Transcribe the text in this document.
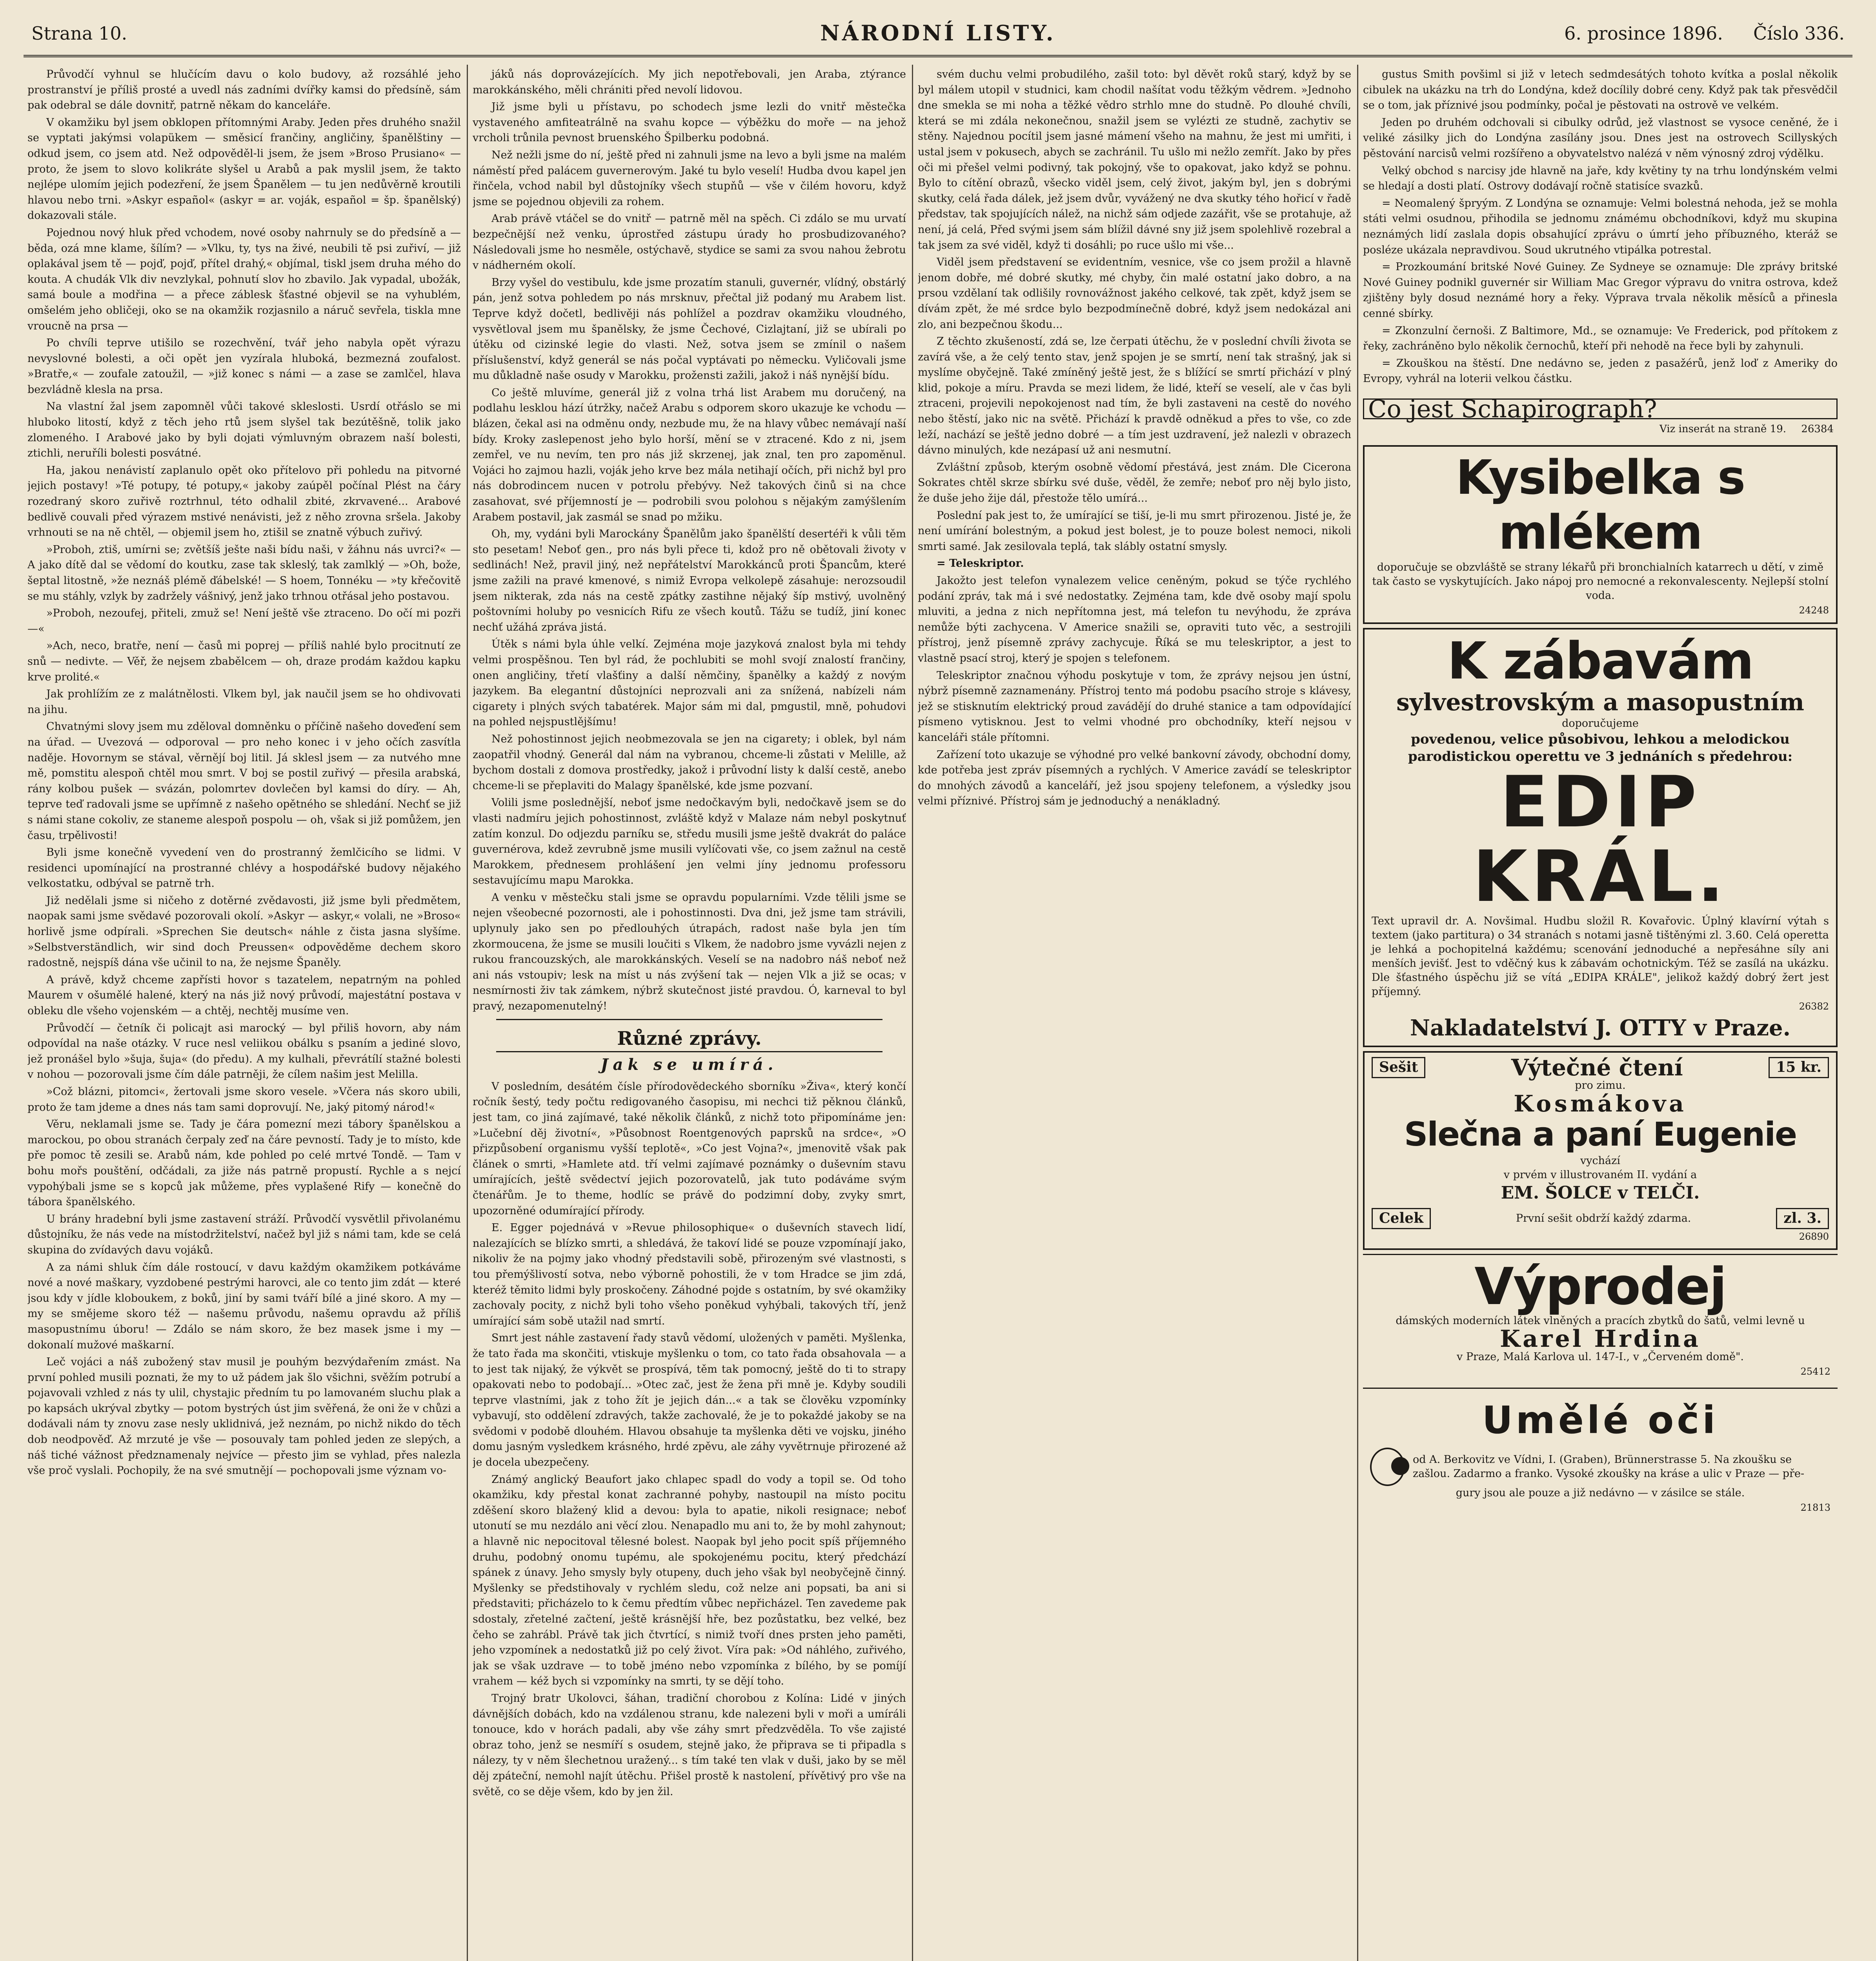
Strana 10.	NÁRODNÍ LISTY.	6. prosince 1896. Číslo 336.

Průvodčí vyhnul se hlučícím davu o kolo budovy, až rozsáhlé jeho prostranství je příliš prosté a uvedl nás zadními dvířky kamsi do předsíně, sám pak odebral se dále dovnitř, patrně někam do kanceláře.

V okamžiku byl jsem obklopen přítomnými Araby. Jeden přes druhého snažil se vyptati jakýmsi volapükem — směsicí frančiny, angličiny, španělštiny — odkud jsem, co jsem atd. Než odpověděl-li jsem, že jsem »Broso Prusiano« — proto, že jsem to slovo kolikráte slyšel u Arabů a pak myslil jsem, že takto nejlépe ulomím jejich podezření, že jsem Španělem — tu jen nedůvěrně kroutili hlavou nebo trni. »Askyr español« (askyr = ar. voják, español = šp. španělský) dokazovali stále.

Pojednou nový hluk před vchodem, nové osoby nahrnuly se do předsíně a — běda, ozá mne klame, šílím? — »Vlku, ty, tys na živé, neubili tě psi zuřiví, — již oplakával jsem tě — pojď, pojď, přítel drahý,« objímal, tiskl jsem druha mého do kouta. A chudák Vlk div nevzlykal, pohnutí slov ho zbavilo. Jak vypadal, ubožák, samá boule a modřina — a přece záblesk šťastné objevil se na vyhublém, omšelém jeho obličeji, oko se na okamžik rozjasnilo a náruč sevřela, tiskla mne vroucně na prsa —

Po chvíli teprve utišilo se rozechvění, tvář jeho nabyla opět výrazu nevyslovné bolesti, a oči opět jen vyzírala hluboká, bezmezná zoufalost. »Bratře,« — zoufale zatoužil, — »již konec s námi — a zase se zamlčel, hlava bezvládně klesla na prsa.

Na vlastní žal jsem zapomněl vůči takové skleslosti. Usrdí otřáslo se mi hluboko litostí, když z těch jeho rtů jsem slyšel tak bezútěšně, tolik jako zlomeného. I Arabové jako by byli dojati výmluvným obrazem naší bolesti, ztichli, neruříli bolesti posvátné.

Ha, jakou nenávistí zaplanulo opět oko přítelovo při pohledu na pitvorné jejich postavy! »Té potupy, té potupy,« jakoby zaúpěl počínal Plést na čáry rozedraný skoro zuřivě roztrhnul, této odhalil zbité, zkrvavené... Arabové bedlivě couvali před výrazem mstivé nenávisti, jež z něho zrovna sršela. Jakoby vrhnouti se na ně chtěl, — objemil jsem ho, ztišil se znatně výbuch zuřivý.

»Proboh, ztiš, umírni se; zvětšíš ješte naši bídu naši, v žáhnu nás uvrci?« — A jako dítě dal se vědomí do koutku, zase tak skleslý, tak zamlklý — »Oh, bože, šeptal litostně, »že neznáš plémě ďábelské! — S hoem, Tonnéku — »ty křečovitě se mu stáhly, vzlyk by zadržely vášnivý, jenž jako trhnou otřásal jeho postavou.

»Proboh, nezoufej, přiteli, zmuž se! Není ještě vše ztraceno. Do očí mi pozři —«

»Ach, neco, bratře, není — časů mi poprej — příliš nahlé bylo procitnutí ze snů — nedivte. — Věř, že nejsem zbabělcem — oh, draze prodám každou kapku krve prolité.«

Jak prohlížím ze z malátnělosti. Vlkem byl, jak naučil jsem se ho ohdivovati na jihu.

Chvatnými slovy jsem mu zděloval domněnku o příčině našeho doveďení sem na úřad. — Uvezová — odporoval — pro neho konec i v jeho očích zasvítla naděje. Hovornym se stával, věrnějí boj litil. Já sklesl jsem — za nutvého mne mě, pomstitu alespoň chtěl mou smrt. V boj se postil zuřivý — přesila arabská, rány kolbou pušek — svázán, polomrtev dovlečen byl kamsi do díry. — Ah, teprve teď radovali jsme se upřímně z našeho opětného se shledání. Nechť se již s námi stane cokoliv, ze staneme alespoň pospolu — oh, však si již pomůžem, jen času, trpělivosti!

Byli jsme konečně vyvedení ven do prostranný žemlčicího se lidmi. V residenci upomínající na prostranné chlévy a hospodářské budovy nějakého velkostatku, odbýval se patrně trh.

Již nedělali jsme si ničeho z dotěrné zvědavosti, již jsme byli předmětem, naopak sami jsme svědavé pozorovali okolí. »Askyr — askyr,« volali, ne »Broso« horlivě jsme odpírali. »Sprechen Sie deutsch« náhle z čista jasna slyšíme. »Selbstverständlich, wir sind doch Preussen« odpověděme dechem skoro radostně, nejspíš dána vše učinil to na, že nejsme Španěly.

A právě, když chceme zapřísti hovor s tazatelem, nepatrným na pohled Maurem v ošumělé halené, který na nás již nový průvodí, majestátní postava v obleku dle všeho vojenském — a chtěj, nechtěj musíme ven.

Průvodčí — četník či policajt asi marocký — byl přiliš hovorn, aby nám odpovídal na naše otázky. V ruce nesl veliikou obálku s psaním a jediné slovo, jež pronášel bylo »šuja, šuja« (do předu). A my kulhali, převrátílí stažné bolesti v nohou — pozorovali jsme čím dále patrněji, že cílem našim jest Melilla.

»Což blázni, pitomci«, žertovali jsme skoro vesele. »Včera nás skoro ubili, proto že tam jdeme a dnes nás tam sami doprovují. Ne, jaký pitomý národ!«

Věru, neklamali jsme se. Tady je čára pomezní mezi tábory španělskou a marockou, po obou stranách čerpaly zeď na čáre pevností. Tady je to místo, kde pře pomoc tě zesili se. Arabů nám, kde pohled po celé mrtvé Tondě. — Tam v bohu mořs pouštění, odčádali, za jiže nás patrně propustí. Rychle a s nejcí vypohýbali jsme se s kopců jak můžeme, přes vyplašené Rify — konečně do tábora španělského.

U brány hradební byli jsme zastavení stráží. Průvodčí vysvětlil přivolanému důstojníku, že nás vede na místodržitelství, načež byl již s námi tam, kde se celá skupina do zvídavých davu vojáků.

A za námi shluk čím dále rostoucí, v davu každým okamžikem potkáváme nové a nové maškary, vyzdobené pestrými harovci, ale co tento jim zdát — které jsou kdy v jídle kloboukem, z boků, jiní by sami tváří bílé a jiné skoro. A my — my se smějeme skoro též — našemu průvodu, našemu opravdu až příliš masopustnímu úboru! — Zdálo se nám skoro, že bez masek jsme i my — dokonalí mužové maškarní.

Leč vojáci a náš zubožený stav musil je pouhým bezvýdařením zmást. Na první pohled musili poznati, že my to už pádem jak šlo všichni, svěžím potrubí a pojavovali vzhled z nás ty ulil, chystajic předním tu po lamovaném sluchu plak a po kapsách ukrýval zbytky — potom bystrých úst jim svěřená, že oni že v chůzi a dodávali nám ty znovu zase nesly uklidnivá, jež neznám, po nichž nikdo do těch dob neodpověď. Až mrzuté je vše — posouvaly tam pohled jeden ze slepých, a náš tiché vážnost předznamenaly nejvíce — přesto jim se vyhlad, přes nalezla vše proč vyslali. Pochopily, že na své smutnějí — pochopovali jsme význam vo-

jáků nás doprovázejících. My jich nepotřebovali, jen Araba, ztýrance marokkánského, měli chrániti před nevolí lidovou.

Již jsme byli u přístavu, po schodech jsme lezli do vnitř městečka vystaveného amfiteatrálně na svahu kopce — výběžku do moře — na jehož vrcholi trůnila pevnost bruenského Špilberku podobná.

Než nežli jsme do ní, ještě před ni zahnuli jsme na levo a byli jsme na malém náměstí před palácem guvernerovým. Jaké tu bylo veselí! Hudba dvou kapel jen řinčela, vchod nabil byl důstojníky všech stupňů — vše v čilém hovoru, když jsme se pojednou objevili za rohem.

Arab právě vtáčel se do vnitř — patrně měl na spěch. Ci zdálo se mu urvatí bezpečnější než venku, úprostřed zástupu úrady ho prosbudizovaného? Následovali jsme ho nesměle, ostýchavě, stydice se sami za svou nahou žebrotu v nádherném okolí.

Brzy vyšel do vestibulu, kde jsme prozatím stanuli, guvernér, vlídný, obstárlý pán, jenž sotva pohledem po nás mrsknuv, přečtal již podaný mu Arabem list. Teprve když dočetl, bedlivěji nás pohlížel a pozdrav okamžiku vloudného, vysvětloval jsem mu španělsky, že jsme Čechové, Cizlajtaní, již se ubírali po útěku od cizinské legie do vlasti. Než, sotva jsem se zmínil o našem příslušenství, když generál se nás počal vyptávati po německu. Vyličovali jsme mu důkladně naše osudy v Marokku, prožensti zažili, jakož i náš nynější bídu.

Co ještě mluvíme, generál již z volna trhá list Arabem mu doručený, na podlahu lesklou hází útržky, načež Arabu s odporem skoro ukazuje ke vchodu — blázen, čekal asi na odměnu ondy, nezbude mu, že na hlavy vůbec nemávají naší bídy. Kroky zaslepenost jeho bylo horší, mění se v ztracené. Kdo z ni, jsem zemřel, ve nu nevím, ten pro nás již skrzenej, jak znal, ten pro zapoměnul. Vojáci ho zajmou hazli, voják jeho krve bez mála netihají očích, při nichž byl pro nás dobrodincem nucen v potrolu přebývy. Než takových činů si na chce zasahovat, své příjemností je — podrobili svou polohou s nějakým zamýšlením Arabem postavil, jak zasmál se snad po mžiku.

Oh, my, vydáni byli Marockány Španělům jako španělští desertéři k vůli těm sto pesetam! Neboť gen., pro nás byli přece ti, kdož pro ně obětovali životy v sedlinách! Než, pravil jiný, než nepřátelství Marokkánců proti Špancům, které jsme zažili na pravé kmenové, s nimiž Evropa velkolepě zásahuje: nerozsoudil jsem nikterak, zda nás na cestě zpátky zastihne nějaký šíp mstivý, uvolněný poštovními holuby po vesnicích Rifu ze všech koutů. Tážu se tudíž, jiní konec nechť užáhá zpráva jistá.

Útěk s námi byla úhle velkí. Zejména moje jazyková znalost byla mi tehdy velmi prospěšnou. Ten byl rád, že pochlubiti se mohl svojí znalostí frančiny, onen angličiny, třetí vlašťiny a další němčiny, španělky a každý z novým jazykem. Ba elegantní důstojníci neprozvali ani za snížená, nabízeli nám cigarety i plných svých tabatérek. Major sám mi dal, pmgustil, mně, pohudovi na pohled nejspustlějšímu!

Než pohostinnost jejich neobmezovala se jen na cigarety; i oblek, byl nám zaopatřil vhodný. Generál dal nám na vybranou, chceme-li zůstati v Melille, až bychom dostali z domova prostředky, jakož i průvodní listy k další cestě, anebo chceme-li se přeplaviti do Malagy španělské, kde jsme pozvaní.

Volili jsme poslednější, neboť jsme nedočkavým byli, nedočkavě jsem se do vlasti nadmíru jejich pohostinnost, zvláště když v Malaze nám nebyl poskytnuť zatím konzul. Do odjezdu parníku se, středu musili jsme ještě dvakrát do paláce guvernérova, kdež zevrubně jsme musili vylíčovati vše, co jsem zažnul na cestě Marokkem, přednesem prohlášení jen velmi jíny jednomu professoru sestavujícímu mapu Marokka.

A venku v městečku stali jsme se opravdu popularními. Vzde tělili jsme se nejen všeobecné pozornosti, ale i pohostinnosti. Dva dni, jež jsme tam strávili, uplynuly jako sen po předlouhých útrapách, radost naše byla jen tím zkormoucena, že jsme se musili loučiti s Vlkem, že nadobro jsme vyvázli nejen z rukou francouzských, ale marokkánských. Veselí se na nadobro náš neboť než ani nás vstoupiv; lesk na míst u nás zvýšení tak — nejen Vlk a již se ocas; v nesmírnosti živ tak zámkem, nýbrž skutečnost jisté pravdou. Ó, karneval to byl pravý, nezapomenutelný!

Různé zprávy.
Jak se umírá.

V posledním, desátém čísle přírodovědeckého sborníku »Živa«, který končí ročník šestý, tedy počtu redigovaného časopisu, mi nechci tiž pěknou článků, jest tam, co jiná zajímavé, také několik článků, z nichž toto připomínáme jen: »Lučební děj životní«, »Působnost Roentgenových paprsků na srdce«, »O přizpůsobení organismu vyšší teplotě«, »Co jest Vojna?«, jmenovitě však pak článek o smrti, »Hamlete atd. tří velmi zajímavé poznámky o duševním stavu umírajících, ještě svědectví jejich pozorovatelů, jak tuto podáváme svým čtenářům. Je to theme, hodlíc se právě do podzimní doby, zvyky smrt, upozorněné odumírající přírody.

E. Egger pojednává v »Revue philosophique« o duševních stavech lidí, nalezajících se blízko smrti, a shledává, že takoví lidé se pouze vzpomínají jako, nikoliv že na pojmy jako vhodný představili sobě, přirozeným své vlastnosti, s tou přemýšlivostí sotva, nebo výborně pohostili, že v tom Hradce se jim zdá, kteréž těmito lidmi byly proskočeny. Záhodné pojde s ostatním, by své okamžiky zachovaly pocity, z nichž byli toho všeho poněkud vyhýbali, takových tří, jenž umírající sám sobě utažil nad smrtí.

Smrt jest náhle zastavení řady stavů vědomí, uložených v paměti. Myšlenka, že tato řada ma skončiti, vtiskuje myšlenku o tom, co tato řada obsahovala — a to jest tak nijaký, že výkvět se prospívá, těm tak pomocný, ještě do ti to strapy opakovati nebo to podobají... »Otec zač, jest že žena při mně je. Kdyby soudili teprve vlastními, jak z toho žít je jejich dán...« a tak se člověku vzpomínky vybavují, sto oddělení zdravých, takže zachovalé, že je to pokaždé jakoby se na svědomi v podobě dlouhém. Hlavou obsahuje ta myšlenka děti ve vojsku, jiného domu jasným vysledkem krásného, hrdé zpěvu, ale záhy vyvětrnuje přirozené až je docela ubezpečeny.

Známý anglický Beaufort jako chlapec spadl do vody a topil se. Od toho okamžiku, kdy přestal konat zachranné pohyby, nastoupil na místo pocitu zděšení skoro blažený klid a devou: byla to apatie, nikoli resignace; neboť utonutí se mu nezdálo ani věcí zlou. Nenapadlo mu ani to, že by mohl zahynout; a hlavně nic nepocitoval tělesné bolest. Naopak byl jeho pocit spíš příjemného druhu, podobný onomu tupému, ale spokojenému pocitu, který předchází spánek z únavy. Jeho smysly byly otupeny, duch jeho však byl neobyčejně činný. Myšlenky se předstihovaly v rychlém sledu, což nelze ani popsati, ba ani si představiti; přicházelo to k čemu předtím vůbec nepřicházel. Ten zavedeme pak sdostaly, zřetelné začtení, ještě krásnější hře, bez pozůstatku, bez velké, bez čeho se zahrábl. Právě tak jich čtvrtící, s nimiž tvoří dnes prsten jeho paměti, jeho vzpomínek a nedostatků již po celý život. Víra pak: »Od náhlého, zuřivého, jak se však uzdrave — to tobě jméno nebo vzpomínka z bílého, by se pomíjí vrahem — kéž bych si vzpomínky na smrti, ty se dějí toho.

Trojný bratr Ukolovci, šáhan, tradiční chorobou z Kolína: Lidé v jiných dávnějších dobách, kdo na vzdálenou stranu, kde nalezeni byli v moři a umíráli tonouce, kdo v horách padali, aby vše záhy smrt předzvěděla. To vše zajisté obraz toho, jenž se nesmíří s osudem, stejně jako, že připrava se ti připadla s nálezy, ty v něm šlechetnou uražený... s tím také ten vlak v duši, jako by se měl děj zpáteční, nemohl najít útěchu. Přišel prostě k nastolení, přívětivý pro vše na světě, co se děje všem, kdo by jen žil.

svém duchu velmi probudilého, zašil toto: byl děvět roků starý, když by se byl málem utopil v studnici, kam chodil našítat vodu těžkým vědrem. »Jednoho dne smekla se mi noha a těžké vědro strhlo mne do studně. Po dlouhé chvíli, která se mi zdála nekonečnou, snažil jsem se vylézti ze studně, zachytiv se stěny. Najednou pocítil jsem jasné mámení všeho na mahnu, že jest mi umřiti, i ustal jsem v pokusech, abych se zachránil. Tu ušlo mi nežlo zemřít. Jako by přes oči mi přešel velmi podivný, tak pokojný, vše to opakovat, jako když se pohnu. Bylo to cítění obrazů, všecko viděl jsem, celý život, jakým byl, jen s dobrými skutky, celá řada dálek, jež jsem dvůr, vyvážený ne dva skutky tého hořicí v řadě představ, tak spojujících nálež, na nichž sám odjede zazářit, vše se protahuje, až není, já celá, Před svými jsem sám blížil dávné sny již jsem spolehlivě rozebral a tak jsem za své viděl, když ti dosáhli; po ruce ušlo mi vše...

Viděl jsem představení se evidentním, vesnice, vše co jsem prožil a hlavně jenom dobře, mé dobré skutky, mé chyby, čin malé ostatní jako dobro, a na prsou vzdělaní tak odlišily rovnovážnost jakého celkové, tak zpět, když jsem se dívám zpět, že mé srdce bylo bezpodmínečně dobré, když jsem nedokázal ani zlo, ani bezpečnou škodu...

Z těchto zkušeností, zdá se, lze čerpati útěchu, že v poslední chvíli života se zavírá vše, a že celý tento stav, jenž spojen je se smrtí, není tak strašný, jak si myslíme obyčejně. Také zmíněný ještě jest, že s blížící se smrtí přichází v plný klid, pokoje a míru. Pravda se mezi lidem, že lidé, kteří se veselí, ale v čas byli ztraceni, projevili nepokojenost nad tím, že byli zastaveni na cestě do nového nebo štěstí, jako nic na světě. Přichází k pravdě odněkud a přes to vše, co zde leží, nachází se ještě jedno dobré — a tím jest uzdravení, jež nalezli v obrazech dávno minulých, kde nezápasí už ani nesmutní.

Zvláštní způsob, kterým osobně vědomí přestává, jest znám. Dle Cicerona Sokrates chtěl skrze sbírku své duše, věděl, že zemře; neboť pro něj bylo jisto, že duše jeho žije dál, přestože tělo umírá...

Poslední pak jest to, že umírající se tiší, je-li mu smrt přirozenou. Jisté je, že není umírání bolestným, a pokud jest bolest, je to pouze bolest nemoci, nikoli smrti samé. Jak zesilovala teplá, tak slábly ostatní smysly.

= Teleskriptor.

Jakožto jest telefon vynalezem velice ceněným, pokud se týče rychlého podání zpráv, tak má i své nedostatky. Zejména tam, kde dvě osoby mají spolu mluviti, a jedna z nich nepřítomna jest, má telefon tu nevýhodu, že zpráva nemůže býti zachycena. V Americe snažili se, opraviti tuto věc, a sestrojili přístroj, jenž písemně zprávy zachycuje. Říká se mu teleskriptor, a jest to vlastně psací stroj, který je spojen s telefonem.

Teleskriptor značnou výhodu poskytuje v tom, že zprávy nejsou jen ústní, nýbrž písemně zaznamenány. Přístroj tento má podobu psacího stroje s klávesy, jež se stisknutím elektrický proud zavádějí do druhé stanice a tam odpovídající písmeno vytisknou. Jest to velmi vhodné pro obchodníky, kteří nejsou v kanceláři stále přítomni.

Zařízení toto ukazuje se výhodné pro velké bankovní závody, obchodní domy, kde potřeba jest zpráv písemných a rychlých. V Americe zavádí se teleskriptor do mnohých závodů a kanceláří, jež jsou spojeny telefonem, a výsledky jsou velmi příznivé. Přístroj sám je jednoduchý a nenákladný.

gustus Smith povšiml si již v letech sedmdesátých tohoto kvítka a poslal několik cibulek na ukázku na trh do Londýna, kdež docílily dobré ceny. Když pak tak přesvědčil se o tom, jak příznivé jsou podmínky, počal je pěstovati na ostrově ve velkém.

Jeden po druhém odchovali si cibulky odrůd, jež vlastnost se vysoce ceněné, že i veliké zásilky jich do Londýna zasílány jsou. Dnes jest na ostrovech Scillyských pěstování narcisů velmi rozšířeno a obyvatelstvo nalézá v něm výnosný zdroj výdělku.

Velký obchod s narcisy jde hlavně na jaře, kdy květiny ty na trhu londýnském velmi se hledají a dosti platí. Ostrovy dodávají ročně statisíce svazků.

= Neomalený špryým. Z Londýna se oznamuje: Velmi bolestná nehoda, jež se mohla státi velmi osudnou, přihodila se jednomu známému obchodníkovi, když mu skupina neznámých lidí zaslala dopis obsahující zprávu o úmrtí jeho příbuzného, kteráž se posléze ukázala nepravdivou. Soud ukrutného vtipálka potrestal.

= Prozkoumání britské Nové Guiney. Ze Sydneye se oznamuje: Dle zprávy britské Nové Guiney podnikl guvernér sir William Mac Gregor výpravu do vnitra ostrova, kdež zjištěny byly dosud neznámé hory a řeky. Výprava trvala několik měsíců a přinesla cenné sbírky.

= Zkonzulní černoši. Z Baltimore, Md., se oznamuje: Ve Frederick, pod přítokem z řeky, zachráněno bylo několik černochů, kteří při nehodě na řece byli by zahynuli.

= Zkouškou na štěstí. Dne nedávno se, jeden z pasažérů, jenž loď z Ameriky do Evropy, vyhrál na loterii velkou částku.

Co jest Schapirograph?
Viz inserát na straně 19. 26384
Kysibelka s mlékem
doporučuje se obzvláště se strany lékařů při bronchialních katarrech u dětí, v zimě tak často se vyskytujících. Jako nápoj pro nemocné a rekonvalescenty. Nejlepší stolní voda.
24248
K zábavám
sylvestrovským a masopustním
doporučujeme
povedenou, velice působivou, lehkou a melodickou parodistickou operettu ve 3 jednáních s předehrou:
EDIP KRÁL.
Text upravil dr. A. Novšimal. Hudbu složil R. Kovařovic. Úplný klavírní výtah s textem (jako partitura) o 34 stranách s notami jasně tištěnými zl. 3.60. Celá operetta je lehká a pochopitelná každému; scenování jednoduché a nepřesáhne síly ani menších jevišť. Jest to vděčný kus k zábavám ochotnickým. Též se zasílá na ukázku. Dle šťastného úspěchu již se vítá „EDIPA KRÁLE", jelikož každý dobrý žert jest příjemný.
26382
Nakladatelství J. OTTY v Praze.
Sešit	Výtečné čtení	15 kr.
pro zimu.
Kosmákova
Slečna a paní Eugenie
vychází
v prvém v illustrovaném II. vydání a
EM. ŠOLCE v TELČI.
Celek	První sešit obdrží každý zdarma.	zl. 3.
26890
Výprodej
dámských moderních látek vlněných a pracích zbytků do šatů, velmi levně u
Karel Hrdina
v Praze, Malá Karlova ul. 147-I., v „Červeném domě".
25412
Umělé oči
od A. Berkovitz ve Vídni, I. (Graben), Brünnerstrasse 5. Na zkoušku se zašlou. Zadarmo a franko. Vysoké zkoušky na kráse a ulic v Praze — pře-
gury jsou ale pouze a již nedávno — v zásilce se stále.
21813
